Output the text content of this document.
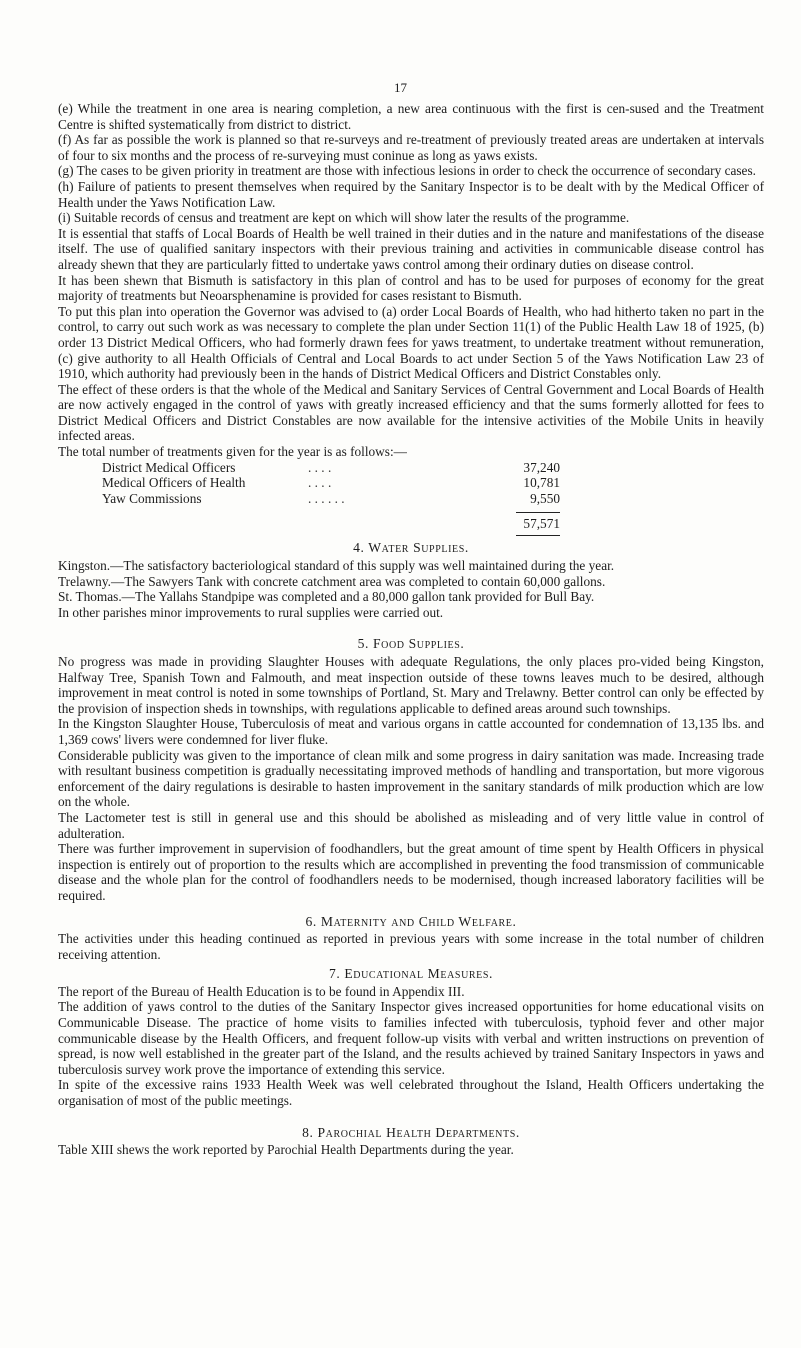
17

(e) While the treatment in one area is nearing completion, a new area continuous with the first is cen-sused and the Treatment Centre is shifted systematically from district to district.

(f) As far as possible the work is planned so that re-surveys and re-treatment of previously treated areas are undertaken at intervals of four to six months and the process of re-surveying must coninue as long as yaws exists.

(g) The cases to be given priority in treatment are those with infectious lesions in order to check the occurrence of secondary cases.

(h) Failure of patients to present themselves when required by the Sanitary Inspector is to be dealt with by the Medical Officer of Health under the Yaws Notification Law.

(i) Suitable records of census and treatment are kept on which will show later the results of the programme.

It is essential that staffs of Local Boards of Health be well trained in their duties and in the nature and manifestations of the disease itself. The use of qualified sanitary inspectors with their previous training and activities in communicable disease control has already shewn that they are particularly fitted to undertake yaws control among their ordinary duties on disease control.

It has been shewn that Bismuth is satisfactory in this plan of control and has to be used for purposes of economy for the great majority of treatments but Neoarsphenamine is provided for cases resistant to Bismuth.

To put this plan into operation the Governor was advised to (a) order Local Boards of Health, who had hitherto taken no part in the control, to carry out such work as was necessary to complete the plan under Section 11(1) of the Public Health Law 18 of 1925, (b) order 13 District Medical Officers, who had formerly drawn fees for yaws treatment, to undertake treatment without remuneration, (c) give authority to all Health Officials of Central and Local Boards to act under Section 5 of the Yaws Notification Law 23 of 1910, which authority had previously been in the hands of District Medical Officers and District Constables only.

The effect of these orders is that the whole of the Medical and Sanitary Services of Central Government and Local Boards of Health are now actively engaged in the control of yaws with greatly increased efficiency and that the sums formerly allotted for fees to District Medical Officers and District Constables are now available for the intensive activities of the Mobile Units in heavily infected areas.

The total number of treatments given for the year is as follows:—

District Medical Officers	. . . .	37,240
Medical Officers of Health	. . . .	10,781
Yaw Commissions	. . . . . .	9,550
57,571
4. Water Supplies.

Kingston.—The satisfactory bacteriological standard of this supply was well maintained during the year.

Trelawny.—The Sawyers Tank with concrete catchment area was completed to contain 60,000 gallons.

St. Thomas.—The Yallahs Standpipe was completed and a 80,000 gallon tank provided for Bull Bay.

In other parishes minor improvements to rural supplies were carried out.

5. Food Supplies.

No progress was made in providing Slaughter Houses with adequate Regulations, the only places pro-vided being Kingston, Halfway Tree, Spanish Town and Falmouth, and meat inspection outside of these towns leaves much to be desired, although improvement in meat control is noted in some townships of Portland, St. Mary and Trelawny. Better control can only be effected by the provision of inspection sheds in townships, with regulations applicable to defined areas around such townships.

In the Kingston Slaughter House, Tuberculosis of meat and various organs in cattle accounted for condemnation of 13,135 lbs. and 1,369 cows' livers were condemned for liver fluke.

Considerable publicity was given to the importance of clean milk and some progress in dairy sanitation was made. Increasing trade with resultant business competition is gradually necessitating improved methods of handling and transportation, but more vigorous enforcement of the dairy regulations is desirable to hasten improvement in the sanitary standards of milk production which are low on the whole.

The Lactometer test is still in general use and this should be abolished as misleading and of very little value in control of adulteration.

There was further improvement in supervision of foodhandlers, but the great amount of time spent by Health Officers in physical inspection is entirely out of proportion to the results which are accomplished in preventing the food transmission of communicable disease and the whole plan for the control of foodhandlers needs to be modernised, though increased laboratory facilities will be required.

6. Maternity and Child Welfare.

The activities under this heading continued as reported in previous years with some increase in the total number of children receiving attention.

7. Educational Measures.

The report of the Bureau of Health Education is to be found in Appendix III.

The addition of yaws control to the duties of the Sanitary Inspector gives increased opportunities for home educational visits on Communicable Disease. The practice of home visits to families infected with tuberculosis, typhoid fever and other major communicable disease by the Health Officers, and frequent follow-up visits with verbal and written instructions on prevention of spread, is now well established in the greater part of the Island, and the results achieved by trained Sanitary Inspectors in yaws and tuberculosis survey work prove the importance of extending this service.

In spite of the excessive rains 1933 Health Week was well celebrated throughout the Island, Health Officers undertaking the organisation of most of the public meetings.

8. Parochial Health Departments.

Table XIII shews the work reported by Parochial Health Departments during the year.
